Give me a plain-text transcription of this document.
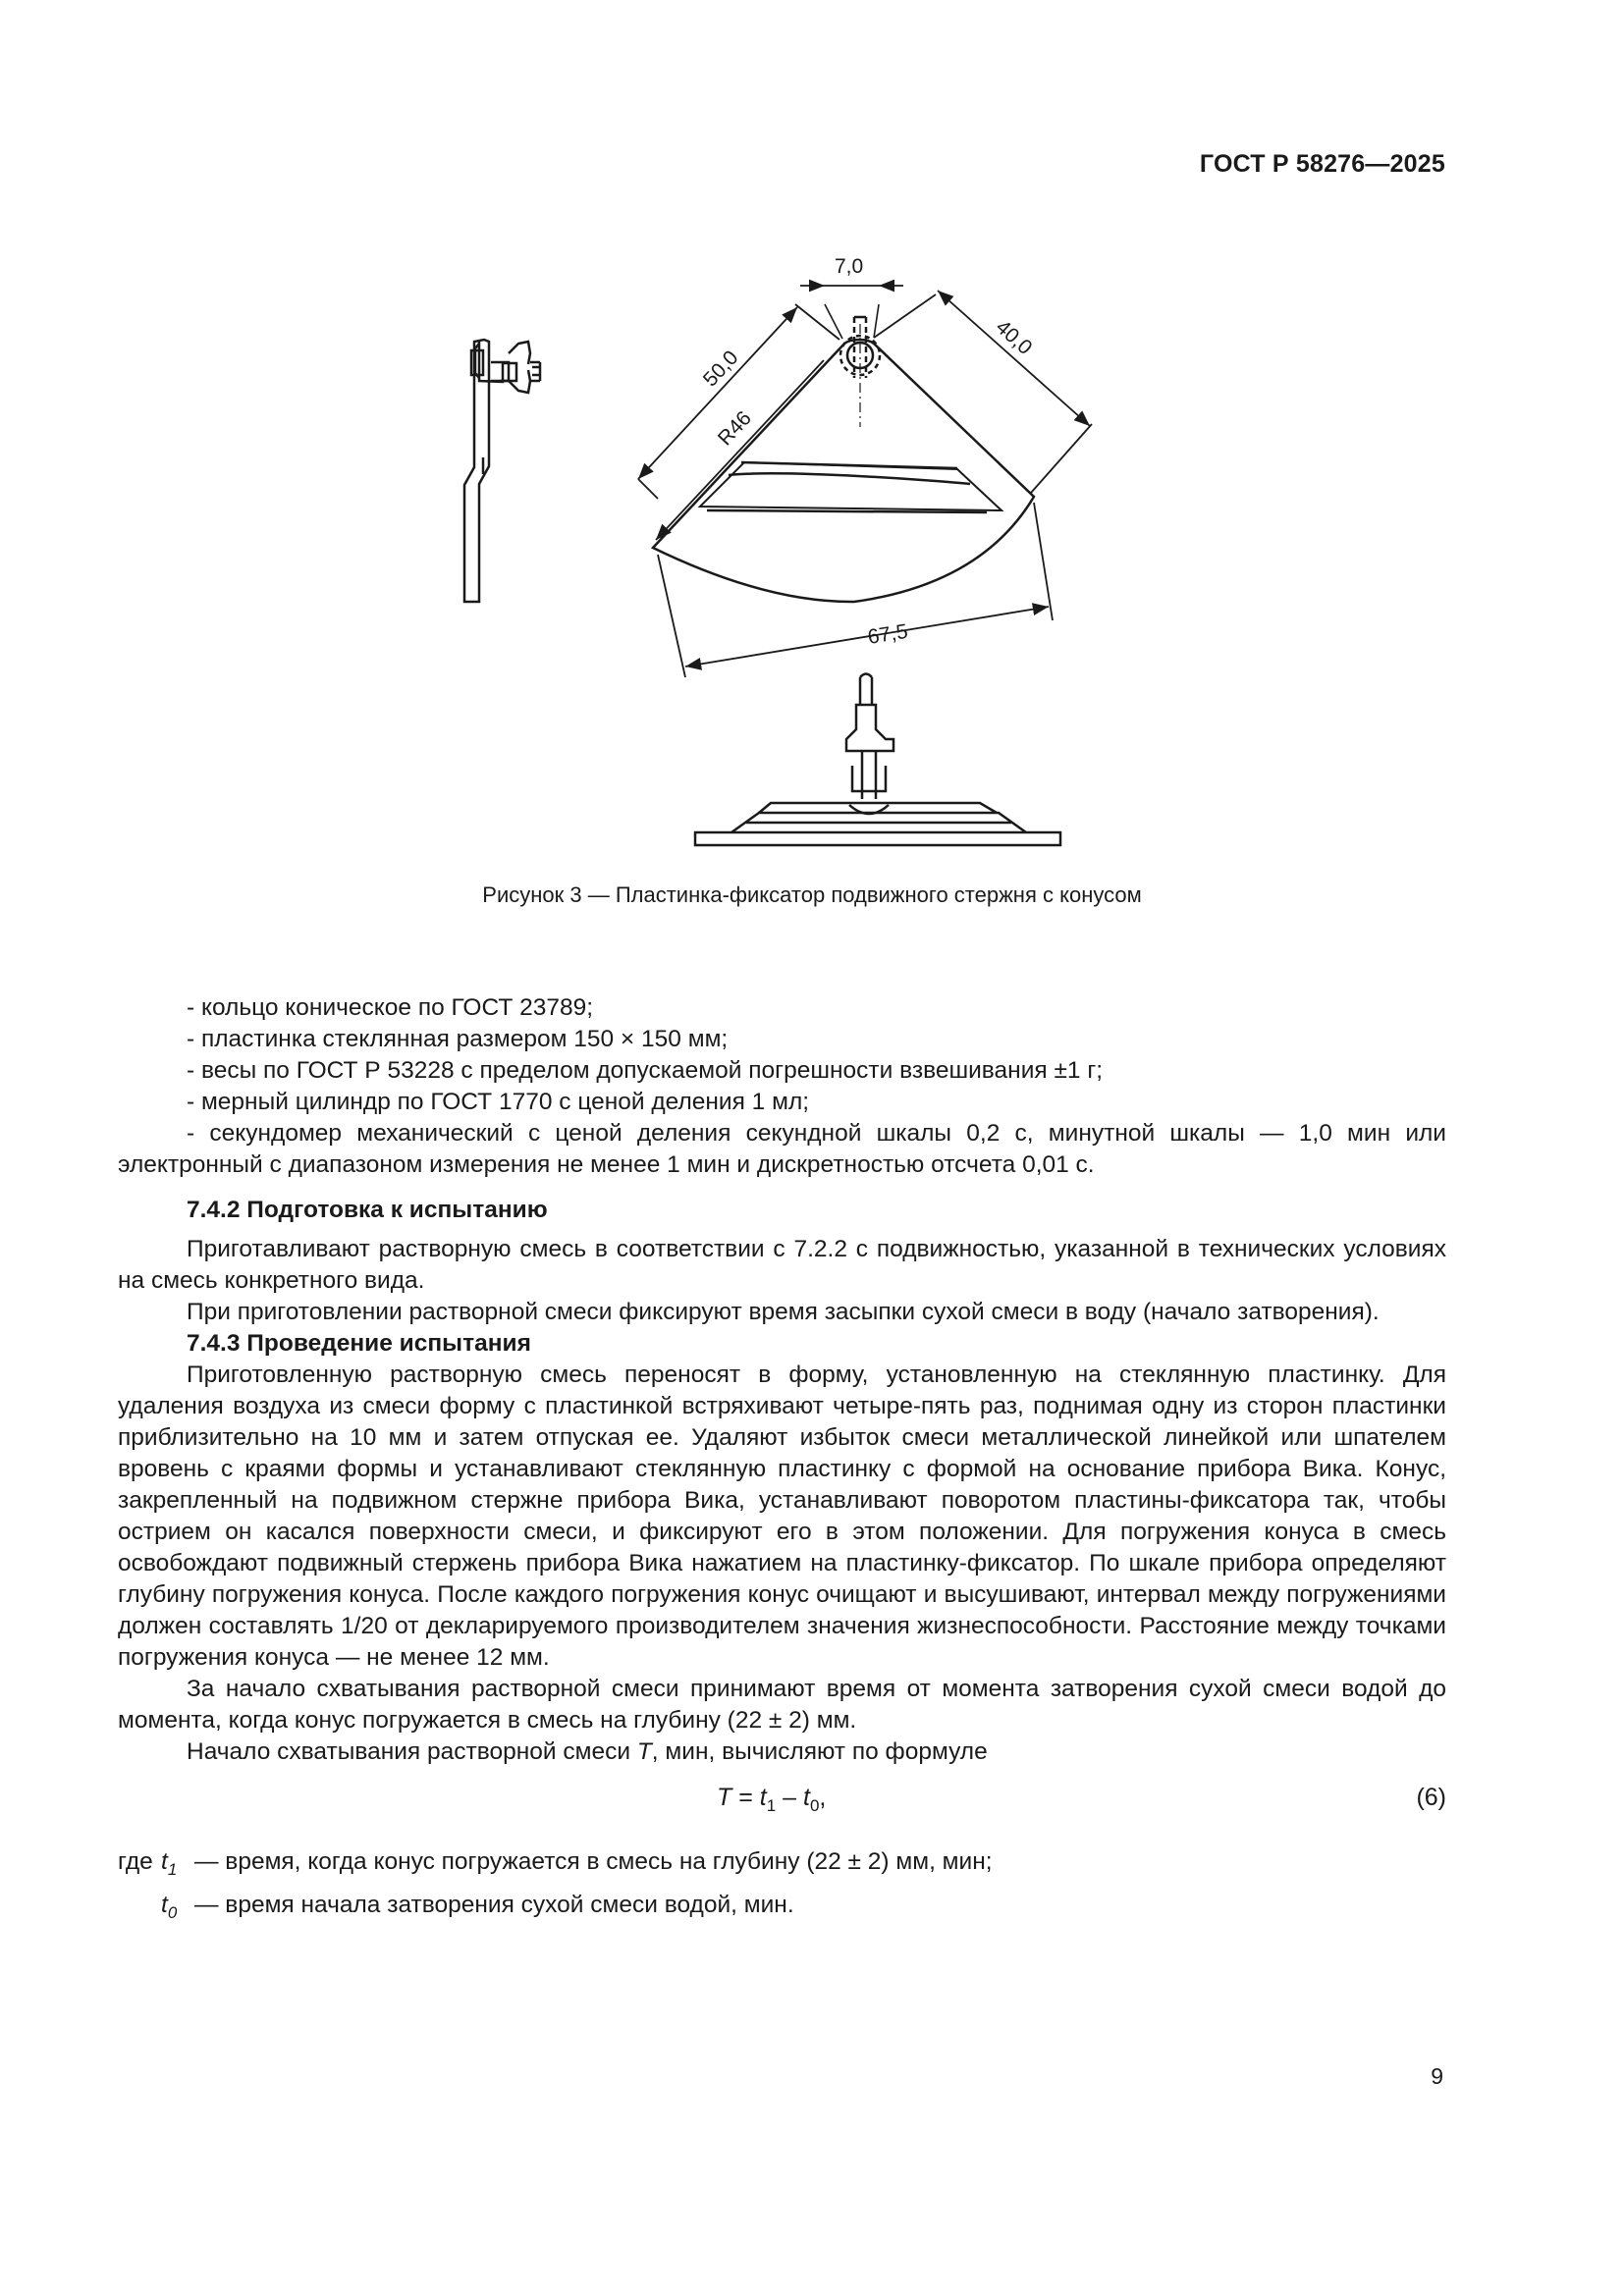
ГОСТ Р 58276—2025
7,0
50,0
R46
40,0
67,5
Рисунок 3 — Пластинка-фиксатор подвижного стержня с конусом

- кольцо коническое по ГОСТ 23789;

- пластинка стеклянная размером 150 × 150 мм;

- весы по ГОСТ Р 53228 с пределом допускаемой погрешности взвешивания ±1 г;

- мерный цилиндр по ГОСТ 1770 с ценой деления 1 мл;

- секундомер механический с ценой деления секундной шкалы 0,2 с, минутной шкалы — 1,0 мин или электронный с диапазоном измерения не менее 1 мин и дискретностью отсчета 0,01 с.

7.4.2 Подготовка к испытанию

Приготавливают растворную смесь в соответствии с 7.2.2 с подвижностью, указанной в технических условиях на смесь конкретного вида.

При приготовлении растворной смеси фиксируют время засыпки сухой смеси в воду (начало затворения).

7.4.3 Проведение испытания

Приготовленную растворную смесь переносят в форму, установленную на стеклянную пластинку. Для удаления воздуха из смеси форму с пластинкой встряхивают четыре-пять раз, поднимая одну из сторон пластинки приблизительно на 10 мм и затем отпуская ее. Удаляют избыток смеси металлической линейкой или шпателем вровень с краями формы и устанавливают стеклянную пластинку с формой на основание прибора Вика. Конус, закрепленный на подвижном стержне прибора Вика, устанавливают поворотом пластины-фиксатора так, чтобы острием он касался поверхности смеси, и фиксируют его в этом положении. Для погружения конуса в смесь освобождают подвижный стержень прибора Вика нажатием на пластинку-фиксатор. По шкале прибора определяют глубину погружения конуса. После каждого погружения конус очищают и высушивают, интервал между погружениями должен составлять 1/20 от декларируемого производителем значения жизнеспособности. Расстояние между точками погружения конуса — не менее 12 мм.

За начало схватывания растворной смеси принимают время от момента затворения сухой смеси водой до момента, когда конус погружается в смесь на глубину (22 ± 2) мм.

Начало схватывания растворной смеси T, мин, вычисляют по формуле

$T = t_1 - t_0$,	(6)
где $t_1$ — время, когда конус погружается в смесь на глубину (22 ± 2) мм, мин;
$t_0$ — время начала затворения сухой смеси водой, мин.
9
